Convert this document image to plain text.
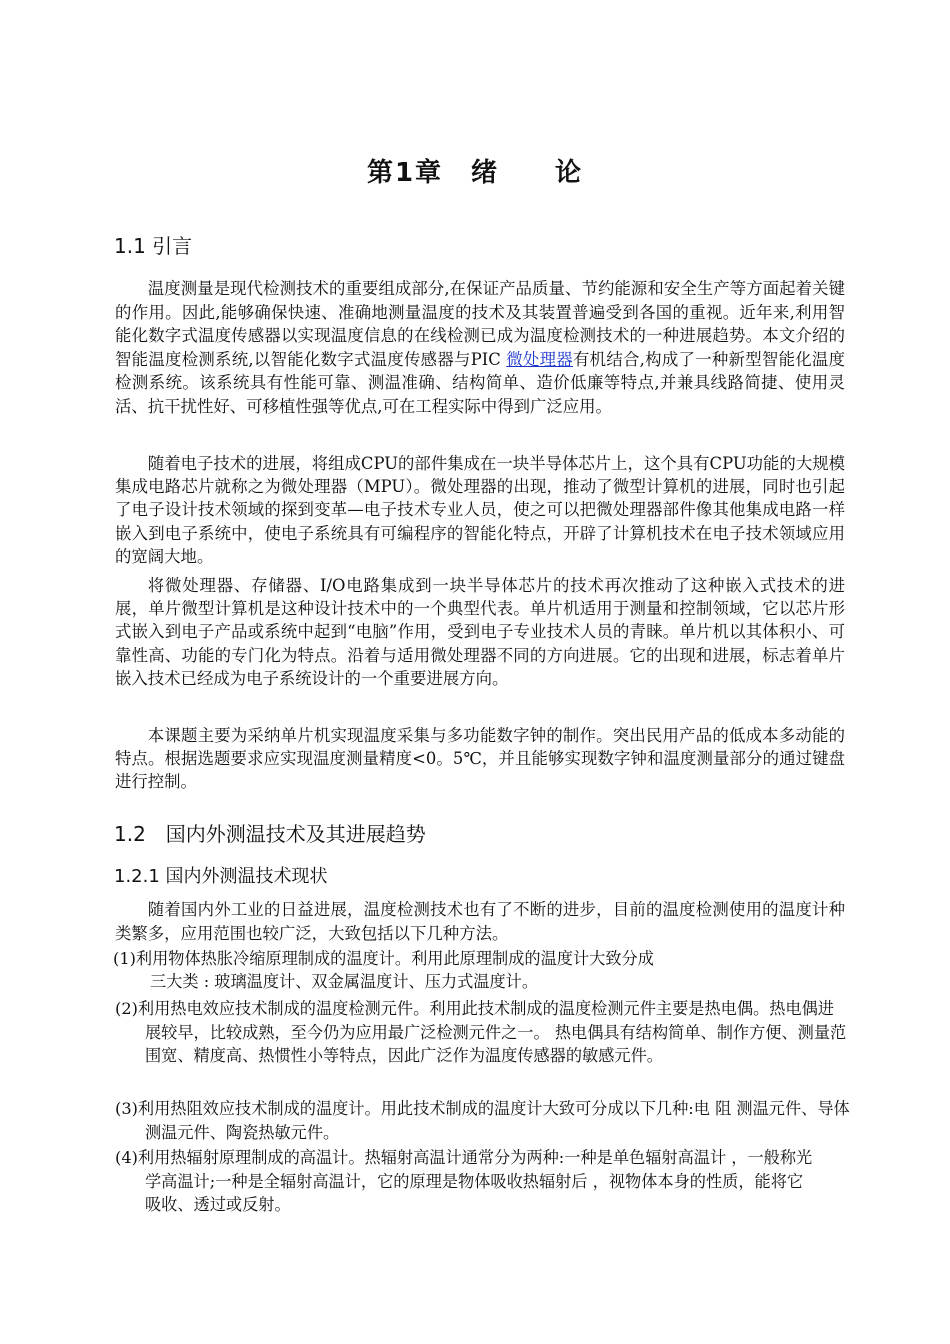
第1章　绪　　论
1.1 引言
温度测量是现代检测技术的重要组成部分,在保证产品质量、节约能源和安全生产等方面起着关键的作用。因此,能够确保快速、准确地测量温度的技术及其装置普遍受到各国的重视。近年来,利用智能化数字式温度传感器以实现温度信息的在线检测已成为温度检测技术的一种进展趋势。本文介绍的智能温度检测系统,以智能化数字式温度传感器与PIC 微处理器有机结合,构成了一种新型智能化温度检测系统。该系统具有性能可靠、测温准确、结构简单、造价低廉等特点,并兼具线路简捷、使用灵活、抗干扰性好、可移植性强等优点,可在工程实际中得到广泛应用。
随着电子技术的进展，将组成CPU的部件集成在一块半导体芯片上，这个具有CPU功能的大规模集成电路芯片就称之为微处理器（MPU）。微处理器的出现，推动了微型计算机的进展，同时也引起了电子设计技术领域的探到变革—电子技术专业人员，使之可以把微处理器部件像其他集成电路一样嵌入到电子系统中，使电子系统具有可编程序的智能化特点，开辟了计算机技术在电子技术领域应用的宽阔大地。
将微处理器、存储器、I/O电路集成到一块半导体芯片的技术再次推动了这种嵌入式技术的进展，单片微型计算机是这种设计技术中的一个典型代表。单片机适用于测量和控制领域，它以芯片形式嵌入到电子产品或系统中起到“电脑”作用，受到电子专业技术人员的青睐。单片机以其体积小、可靠性高、功能的专门化为特点。沿着与适用微处理器不同的方向进展。它的出现和进展，标志着单片嵌入技术已经成为电子系统设计的一个重要进展方向。
本课题主要为采纳单片机实现温度采集与多功能数字钟的制作。突出民用产品的低成本多动能的特点。根据选题要求应实现温度测量精度<0。5℃，并且能够实现数字钟和温度测量部分的通过键盘进行控制。
1.2　国内外测温技术及其进展趋势
1.2.1 国内外测温技术现状
随着国内外工业的日益进展，温度检测技术也有了不断的进步，目前的温度检测使用的温度计种类繁多，应用范围也较广泛，大致包括以下几种方法。
(1)利用物体热胀冷缩原理制成的温度计。利用此原理制成的温度计大致分成
三大类 : 玻璃温度计、双金属温度计、压力式温度计。
(2)利用热电效应技术制成的温度检测元件。利用此技术制成的温度检测元件主要是热电偶。热电偶进展较早，比较成熟，至今仍为应用最广泛检测元件之一。 热电偶具有结构简单、制作方便、测量范围宽、精度高、热惯性小等特点，因此广泛作为温度传感器的敏感元件。
(3)利用热阻效应技术制成的温度计。用此技术制成的温度计大致可分成以下几种:电 阻 测温元件、导体测温元件、陶瓷热敏元件。
(4)利用热辐射原理制成的高温计。热辐射高温计通常分为两种:一种是单色辐射高温计 ，一般称光学高温计;一种是全辐射高温计，它的原理是物体吸收热辐射后 ，视物体本身的性质，能将它吸收、透过或反射。
